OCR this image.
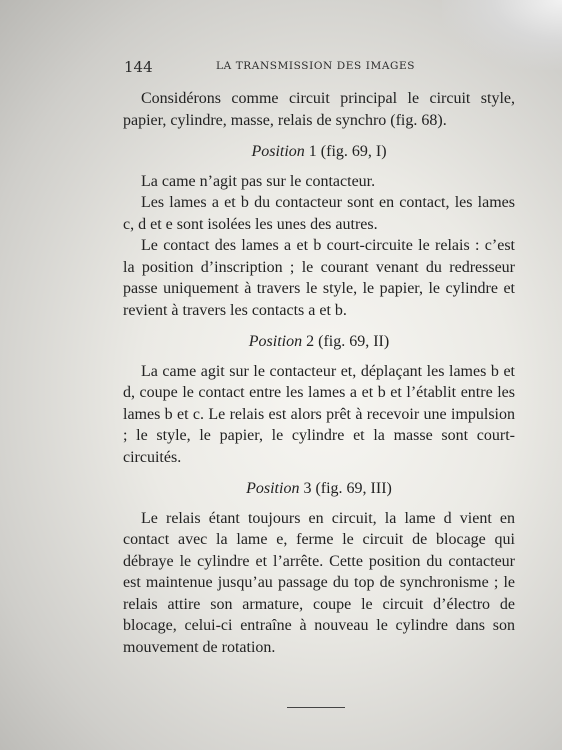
144	LA TRANSMISSION DES IMAGES

Considérons comme circuit principal le circuit style, papier, cylindre, masse, relais de synchro (fig. 68).

Position 1 (fig. 69, I)

La came n’agit pas sur le contacteur.

Les lames a et b du contacteur sont en contact, les lames c, d et e sont isolées les unes des autres.

Le contact des lames a et b court-circuite le relais : c’est la position d’inscription ; le courant venant du redresseur passe uniquement à travers le style, le papier, le cylindre et revient à travers les contacts a et b.

Position 2 (fig. 69, II)

La came agit sur le contacteur et, déplaçant les lames b et d, coupe le contact entre les lames a et b et l’établit entre les lames b et c. Le relais est alors prêt à recevoir une impulsion ; le style, le papier, le cylindre et la masse sont court-circuités.

Position 3 (fig. 69, III)

Le relais étant toujours en circuit, la lame d vient en contact avec la lame e, ferme le circuit de blocage qui débraye le cylindre et l’arrête. Cette position du contacteur est maintenue jusqu’au passage du top de synchronisme ; le relais attire son armature, coupe le circuit d’électro de blocage, celui-ci entraîne à nouveau le cylindre dans son mouvement de rotation.
